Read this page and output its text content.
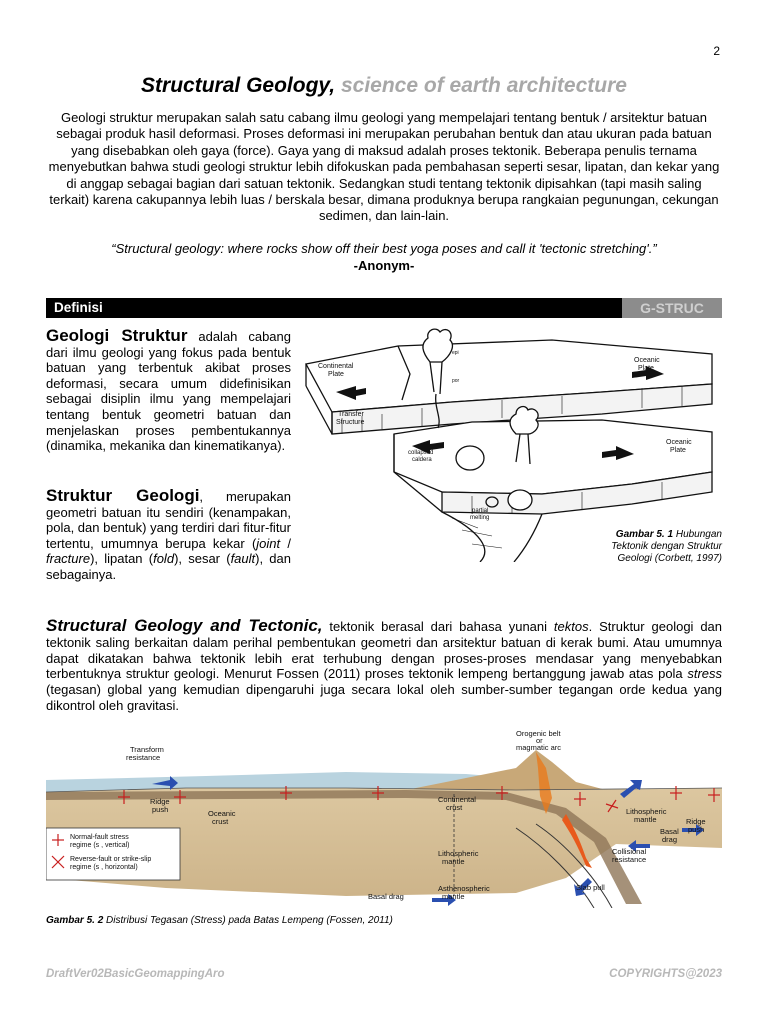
2
Structural Geology, science of earth architecture
Geologi struktur merupakan salah satu cabang ilmu geologi yang mempelajari tentang bentuk / arsitektur batuan sebagai produk hasil deformasi. Proses deformasi ini merupakan perubahan bentuk dan atau ukuran pada batuan yang disebabkan oleh gaya (force). Gaya yang di maksud adalah proses tektonik. Beberapa penulis ternama menyebutkan bahwa studi geologi struktur lebih difokuskan pada pembahasan seperti sesar, lipatan, dan kekar yang di anggap sebagai bagian dari satuan tektonik. Sedangkan studi tentang tektonik dipisahkan (tapi masih saling terkait) karena cakupannya lebih luas / berskala besar, dimana produknya berupa rangkaian pegunungan, cekungan sedimen, dan lain-lain.
“Structural geology: where rocks show off their best yoga poses and call it 'tectonic stretching'.”
-Anonym-
Definisi	G-STRUC
Geologi Struktur adalah cabang dari ilmu geologi yang fokus pada bentuk batuan yang terbentuk akibat proses deformasi, secara umum didefinisikan sebagai disiplin ilmu yang mempelajari tentang bentuk geometri batuan dan menjelaskan proses pembentukannya (dinamika, mekanika dan kinematikanya).
Struktur Geologi, merupakan geometri batuan itu sendiri (kenampakan, pola, dan bentuk) yang terdiri dari fitur-fitur tertentu, umumnya berupa kekar (joint / fracture), lipatan (fold), sesar (fault), dan sebagainya.
Continental
Plate
Oceanic
Plate
Oceanic
Plate
Transfer
Structure
collapsed
caldera
partial
melting
epi
por
Gambar 5. 1 Hubungan Tektonik dengan Struktur Geologi (Corbett, 1997)
Structural Geology and Tectonic, tektonik berasal dari bahasa yunani tektos. Struktur geologi dan tektonik saling berkaitan dalam perihal pembentukan geometri dan arsitektur batuan di kerak bumi. Atau umumnya dapat dikatakan bahwa tektonik lebih erat terhubung dengan proses-proses mendasar yang menyebabkan terbentuknya struktur geologi. Menurut Fossen (2011) proses tektonik lempeng bertanggung jawab atas pola stress (tegasan) global yang kemudian dipengaruhi juga secara lokal oleh sumber-sumber tegangan orde kedua yang dikontrol oleh gravitasi.
Transform
resistance
Orogenic belt
or
magmatic arc
Ridge
push	Oceanic
crust
Continental
crust
Lithospheric
mantle
Asthenospheric
mantle
Basal drag
Slab pull
Collisional
resistance
Lithospheric
mantle
Basal
drag
Ridge
push
Normal-fault stress
regime (s , vertical)
Reverse-fault or strike-slip
regime (s , horizontal)
Gambar 5. 2 Distribusi Tegasan (Stress) pada Batas Lempeng (Fossen, 2011)
DraftVer02BasicGeomappingAro	COPYRIGHTS@2023
